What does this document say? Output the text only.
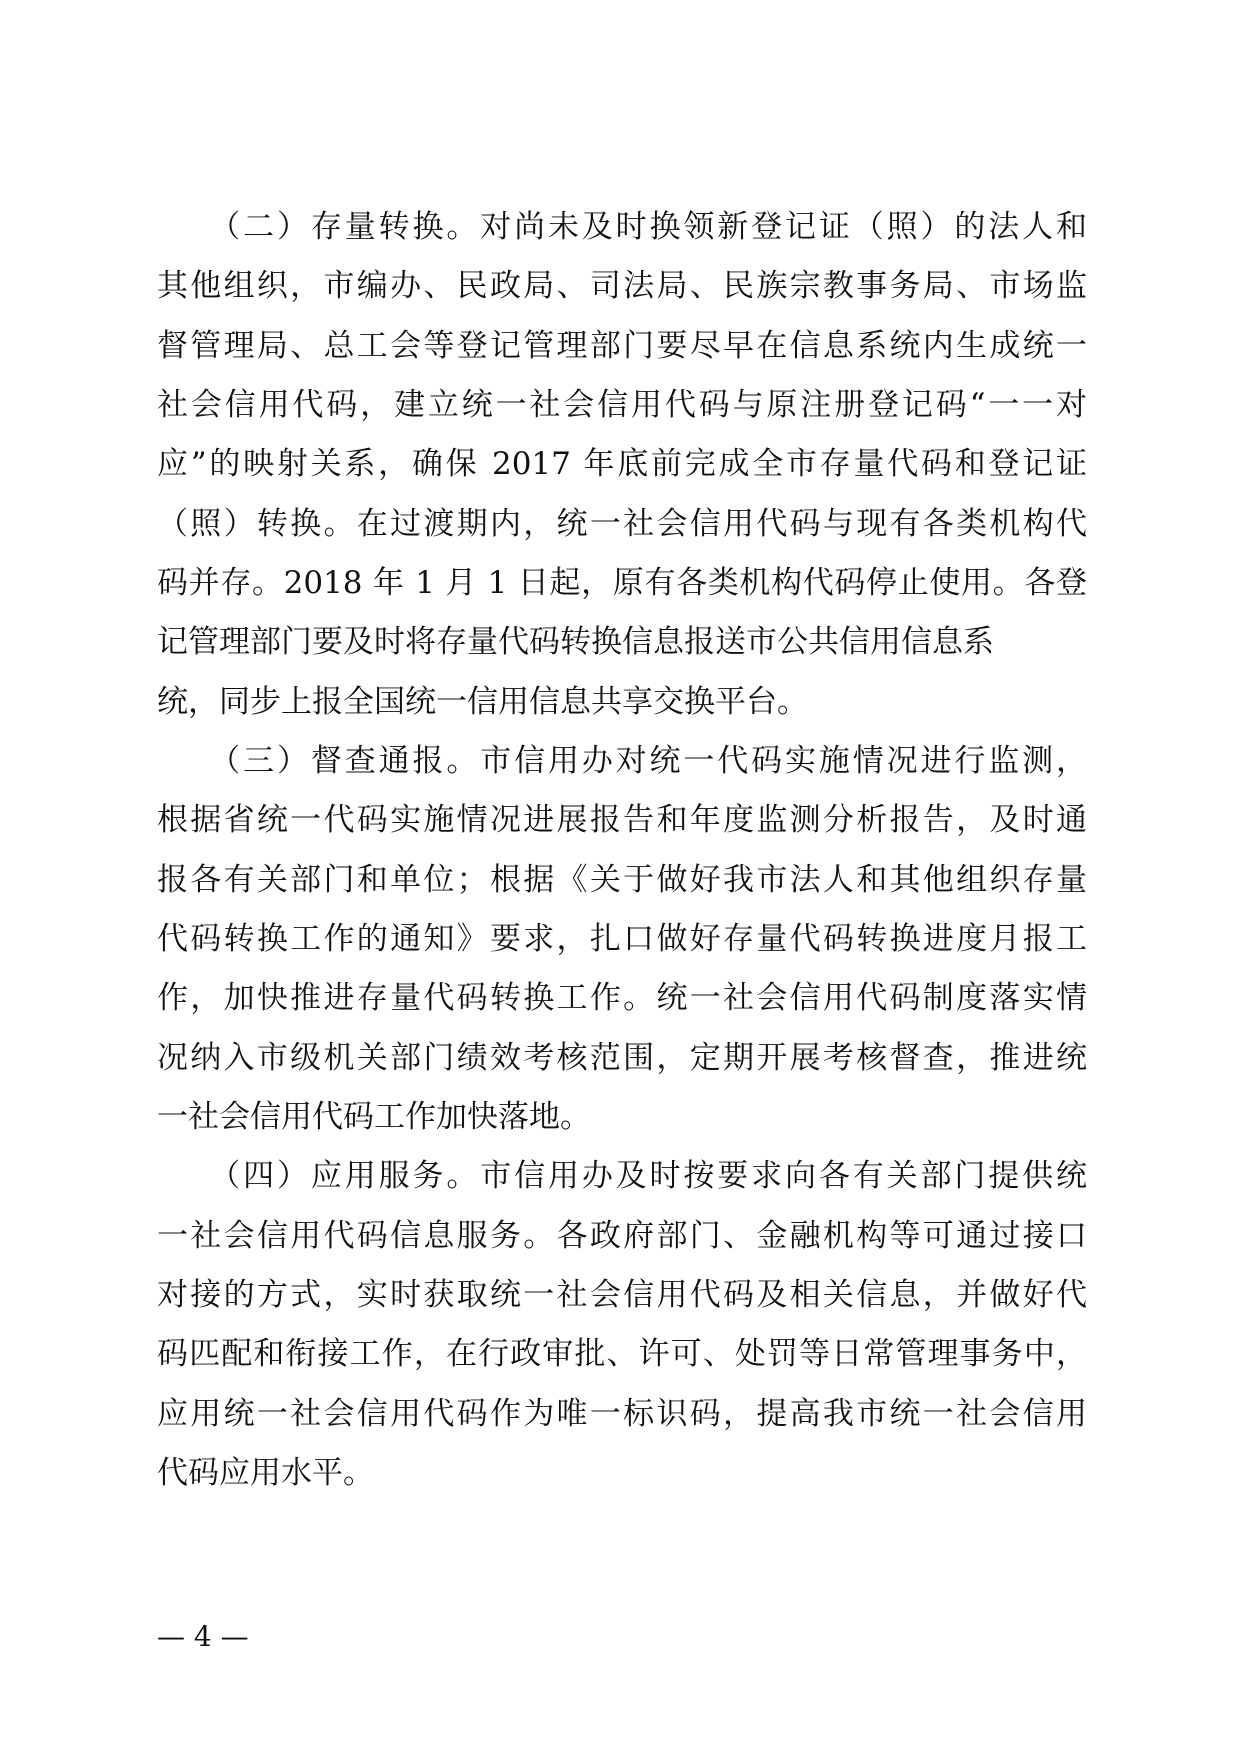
　　（二）存量转换。对尚未及时换领新登记证（照）的法人和
其他组织，市编办、民政局、司法局、民族宗教事务局、市场监
督管理局、总工会等登记管理部门要尽早在信息系统内生成统一
社会信用代码，建立统一社会信用代码与原注册登记码“一一对
应”的映射关系，确保 2017 年底前完成全市存量代码和登记证
（照）转换。在过渡期内，统一社会信用代码与现有各类机构代
码并存。2018 年 1 月 1 日起，原有各类机构代码停止使用。各登
记管理部门要及时将存量代码转换信息报送市公共信用信息系
统，同步上报全国统一信用信息共享交换平台。
　　（三）督查通报。市信用办对统一代码实施情况进行监测，
根据省统一代码实施情况进展报告和年度监测分析报告，及时通
报各有关部门和单位；根据《关于做好我市法人和其他组织存量
代码转换工作的通知》要求，扎口做好存量代码转换进度月报工
作，加快推进存量代码转换工作。统一社会信用代码制度落实情
况纳入市级机关部门绩效考核范围，定期开展考核督查，推进统
一社会信用代码工作加快落地。
　　（四）应用服务。市信用办及时按要求向各有关部门提供统
一社会信用代码信息服务。各政府部门、金融机构等可通过接口
对接的方式，实时获取统一社会信用代码及相关信息，并做好代
码匹配和衔接工作，在行政审批、许可、处罚等日常管理事务中，
应用统一社会信用代码作为唯一标识码，提高我市统一社会信用
代码应用水平。
— 4 —
